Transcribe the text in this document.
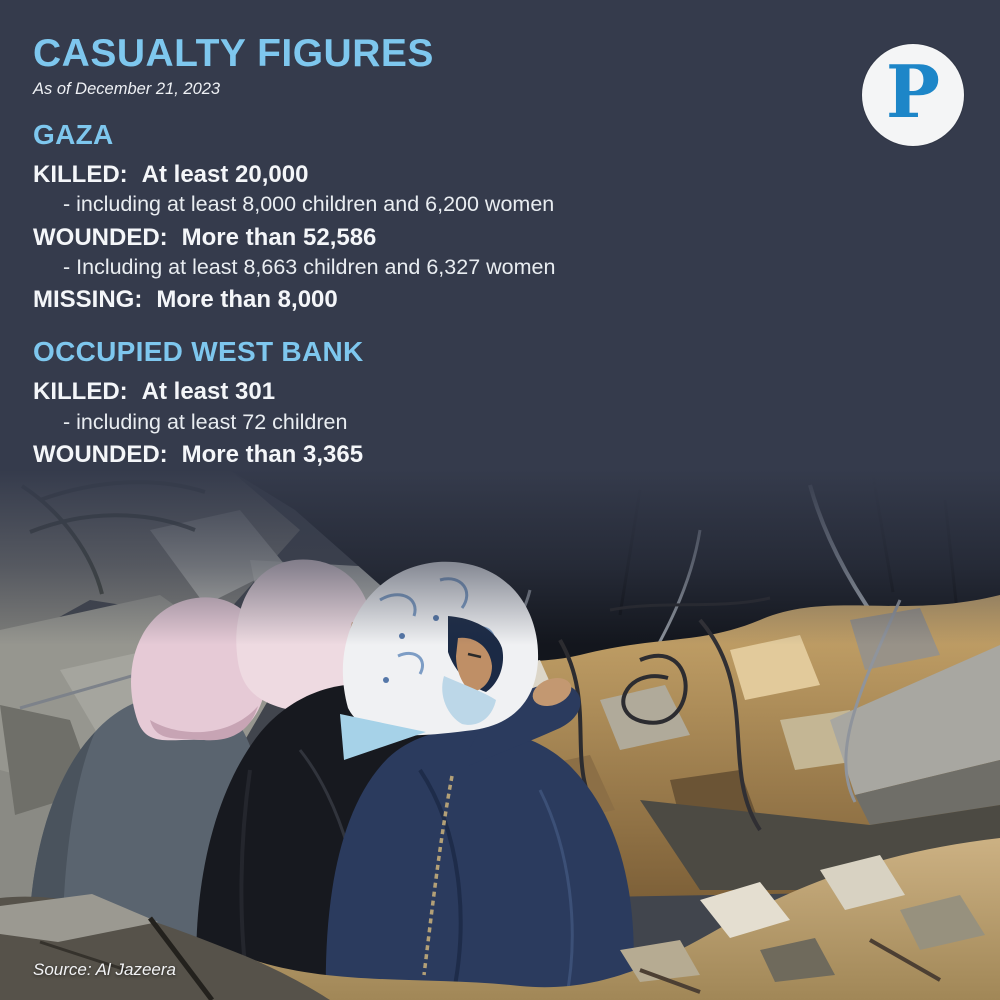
CASUALTY FIGURES
As of December 21, 2023
GAZA
KILLED: At least 20,000
- including at least 8,000 children and 6,200 women
WOUNDED: More than 52,586
- Including at least 8,663 children and 6,327 women
MISSING: More than 8,000
OCCUPIED WEST BANK
KILLED: At least 301
- including at least 72 children
WOUNDED: More than 3,365
Source: Al Jazeera
P
